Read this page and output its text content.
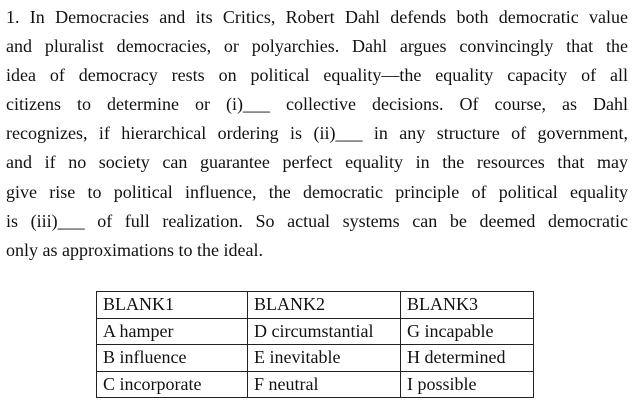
1. In Democracies and its Critics, Robert Dahl defends both democratic value
and pluralist democracies, or polyarchies. Dahl argues convincingly that the
idea of democracy rests on political equality—the equality capacity of all
citizens to determine or (i)___ collective decisions. Of course, as Dahl
recognizes, if hierarchical ordering is (ii)___ in any structure of government,
and if no society can guarantee perfect equality in the resources that may
give rise to political influence, the democratic principle of political equality
is (iii)___ of full realization. So actual systems can be deemed democratic
only as approximations to the ideal.
BLANK1	BLANK2	BLANK3
A hamper	D circumstantial	G incapable
B influence	E inevitable	H determined
C incorporate	F neutral	I possible
